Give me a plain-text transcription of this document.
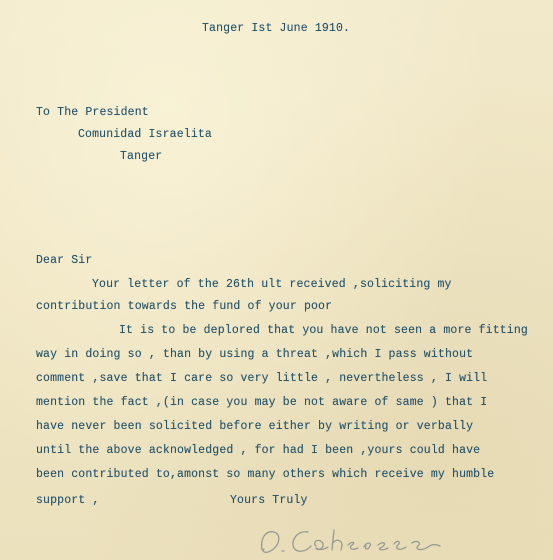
Tanger Ist June 1910.
To The President
Comunidad Israelita
Tanger
Dear Sir
Your letter of the 26th ult received ,soliciting my
contribution towards the fund of your poor
It is to be deplored that you have not seen a more fitting
way in doing so , than by using a threat ,which I pass without
comment ,save that I care so very little , nevertheless , I will
mention the fact ,(in case you may be not aware of same ) that I
have never been solicited before either by writing or verbally
until the above acknowledged , for had I been ,yours could have
been contributed to,amonst so many others which receive my humble
support ,	Yours Truly
